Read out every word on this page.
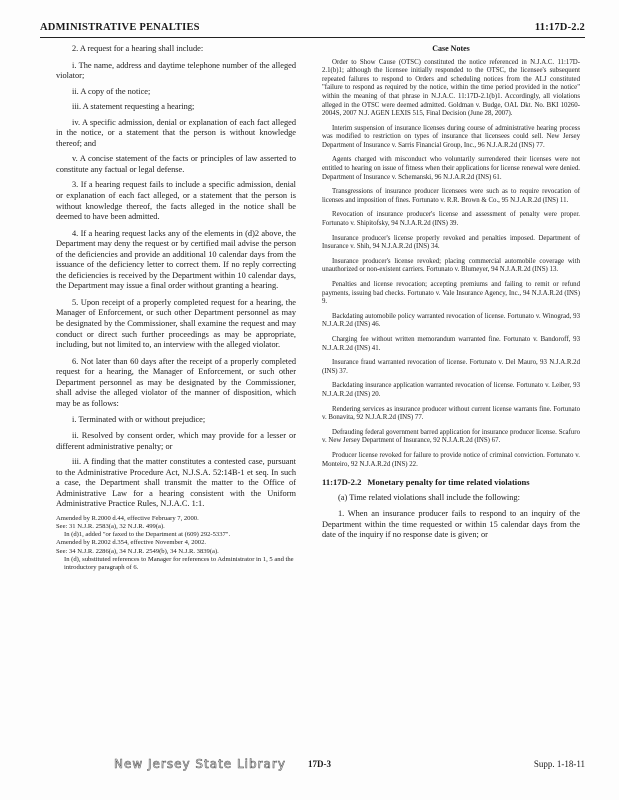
ADMINISTRATIVE PENALTIES	11:17D-2.2

2. A request for a hearing shall include:

i. The name, address and daytime telephone number of the alleged violator;

ii. A copy of the notice;

iii. A statement requesting a hearing;

iv. A specific admission, denial or explanation of each fact alleged in the notice, or a statement that the person is without knowledge thereof; and

v. A concise statement of the facts or principles of law asserted to constitute any factual or legal defense.

3. If a hearing request fails to include a specific admission, denial or explanation of each fact alleged, or a statement that the person is without knowledge thereof, the facts alleged in the notice shall be deemed to have been admitted.

4. If a hearing request lacks any of the elements in (d)2 above, the Department may deny the request or by certified mail advise the person of the deficiencies and provide an additional 10 calendar days from the issuance of the deficiency letter to correct them. If no reply correcting the deficiencies is received by the Department within 10 calendar days, the Department may issue a final order without granting a hearing.

5. Upon receipt of a properly completed request for a hearing, the Manager of Enforcement, or such other Department personnel as may be designated by the Commissioner, shall examine the request and may conduct or direct such further proceedings as may be appropriate, including, but not limited to, an interview with the alleged violator.

6. Not later than 60 days after the receipt of a properly completed request for a hearing, the Manager of Enforcement, or such other Department personnel as may be designated by the Commissioner, shall advise the alleged violator of the manner of disposition, which may be as follows:

i. Terminated with or without prejudice;

ii. Resolved by consent order, which may provide for a lesser or different administrative penalty; or

iii. A finding that the matter constitutes a contested case, pursuant to the Administrative Procedure Act, N.J.S.A. 52:14B-1 et seq. In such a case, the Department shall transmit the matter to the Office of Administrative Law for a hearing consistent with the Uniform Administrative Practice Rules, N.J.A.C. 1:1.

Amended by R.2000 d.44, effective February 7, 2000.

See: 31 N.J.R. 2583(a), 32 N.J.R. 499(a).

In (d)1, added "or faxed to the Department at (609) 292-5337".

Amended by R.2002 d.354, effective November 4, 2002.

See: 34 N.J.R. 2286(a), 34 N.J.R. 2549(b), 34 N.J.R. 3839(a).

In (d), substituted references to Manager for references to Administrator in 1, 5 and the introductory paragraph of 6.

Case Notes

Order to Show Cause (OTSC) constituted the notice referenced in N.J.A.C. 11:17D-2.1(b)1; although the licensee initially responded to the OTSC, the licensee's subsequent repeated failures to respond to Orders and scheduling notices from the ALJ constituted "failure to respond as required by the notice, within the time period provided in the notice" within the meaning of that phrase in N.J.A.C. 11:17D-2.1(b)1. Accordingly, all violations alleged in the OTSC were deemed admitted. Goldman v. Budge, OAL Dkt. No. BKI 10260-2004S, 2007 N.J. AGEN LEXIS 515, Final Decision (June 28, 2007).

Interim suspension of insurance licenses during course of administrative hearing process was modified to restriction on types of insurance that licensees could sell. New Jersey Department of Insurance v. Sarris Financial Group, Inc., 96 N.J.A.R.2d (INS) 77.

Agents charged with misconduct who voluntarily surrendered their licenses were not entitled to hearing on issue of fitness when their applications for license renewal were denied. Department of Insurance v. Schemanski, 96 N.J.A.R.2d (INS) 61.

Transgressions of insurance producer licensees were such as to require revocation of licenses and imposition of fines. Fortunato v. R.R. Brown & Co., 95 N.J.A.R.2d (INS) 11.

Revocation of insurance producer's license and assessment of penalty were proper. Fortunato v. Shipitofsky, 94 N.J.A.R.2d (INS) 39.

Insurance producer's license properly revoked and penalties imposed. Department of Insurance v. Shih, 94 N.J.A.R.2d (INS) 34.

Insurance producer's license revoked; placing commercial automobile coverage with unauthorized or non-existent carriers. Fortunato v. Blumeyer, 94 N.J.A.R.2d (INS) 13.

Penalties and license revocation; accepting premiums and failing to remit or refund payments, issuing bad checks. Fortunato v. Vale Insurance Agency, Inc., 94 N.J.A.R.2d (INS) 9.

Backdating automobile policy warranted revocation of license. Fortunato v. Winograd, 93 N.J.A.R.2d (INS) 46.

Charging fee without written memorandum warranted fine. Fortunato v. Bandoroff, 93 N.J.A.R.2d (INS) 41.

Insurance fraud warranted revocation of license. Fortunato v. Del Mauro, 93 N.J.A.R.2d (INS) 37.

Backdating insurance application warranted revocation of license. Fortunato v. Leiber, 93 N.J.A.R.2d (INS) 20.

Rendering services as insurance producer without current license warrants fine. Fortunato v. Bonavita, 92 N.J.A.R.2d (INS) 77.

Defrauding federal government barred application for insurance producer license. Scafuro v. New Jersey Department of Insurance, 92 N.J.A.R.2d (INS) 67.

Producer license revoked for failure to provide notice of criminal conviction. Fortunato v. Monteiro, 92 N.J.A.R.2d (INS) 22.

11:17D-2.2 Monetary penalty for time related violations

(a) Time related violations shall include the following:

1. When an insurance producer fails to respond to an inquiry of the Department within the time requested or within 15 calendar days from the date of the inquiry if no response date is given; or

New Jersey State Library 17D-3	Supp. 1-18-11
